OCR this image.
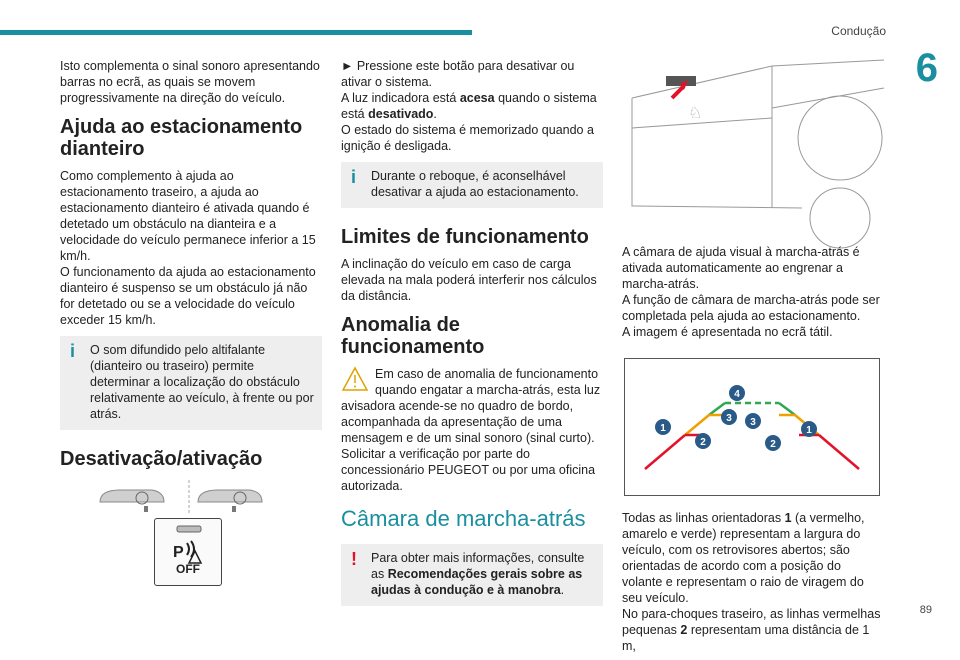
Condução
6

Isto complementa o sinal sonoro apresentando barras no ecrã, as quais se movem progressivamente na direção do veículo.

Ajuda ao estacionamento dianteiro

Como complemento à ajuda ao estacionamento traseiro, a ajuda ao estacionamento dianteiro é ativada quando é detetado um obstáculo na dianteira e a velocidade do veículo permanece inferior a 15 km/h.

O funcionamento da ajuda ao estacionamento dianteiro é suspenso se um obstáculo já não for detetado ou se a velocidade do veículo exceder 15 km/h.

i O som difundido pelo altifalante (dianteiro ou traseiro) permite determinar a localização do obstáculo relativamente ao veículo, à frente ou por atrás.
Desativação/ativação
P
OFF

► Pressione este botão para desativar ou ativar o sistema.

A luz indicadora está acesa quando o sistema está desativado.

O estado do sistema é memorizado quando a ignição é desligada.

i Durante o reboque, é aconselhável desativar a ajuda ao estacionamento.
Limites de funcionamento

A inclinação do veículo em caso de carga elevada na mala poderá interferir nos cálculos da distância.

Anomalia de funcionamento

Em caso de anomalia de funcionamento quando engatar a marcha-atrás, esta luz avisadora acende-se no quadro de bordo, acompanhada da apresentação de uma mensagem e de um sinal sonoro (sinal curto).

Solicitar a verificação por parte do concessionário PEUGEOT ou por uma oficina autorizada.

Câmara de marcha-atrás
! Para obter mais informações, consulte as Recomendações gerais sobre as ajudas à condução e à manobra.
♘

A câmara de ajuda visual à marcha-atrás é ativada automaticamente ao engrenar a marcha-atrás.

A função de câmara de marcha-atrás pode ser completada pela ajuda ao estacionamento.

A imagem é apresentada no ecrã tátil.

1
2
3
4
3
2
1

Todas as linhas orientadoras 1 (a vermelho, amarelo e verde) representam a largura do veículo, com os retrovisores abertos; são orientadas de acordo com a posição do volante e representam o raio de viragem do seu veículo.

No para-choques traseiro, as linhas vermelhas pequenas 2 representam uma distância de 1 m,

89
